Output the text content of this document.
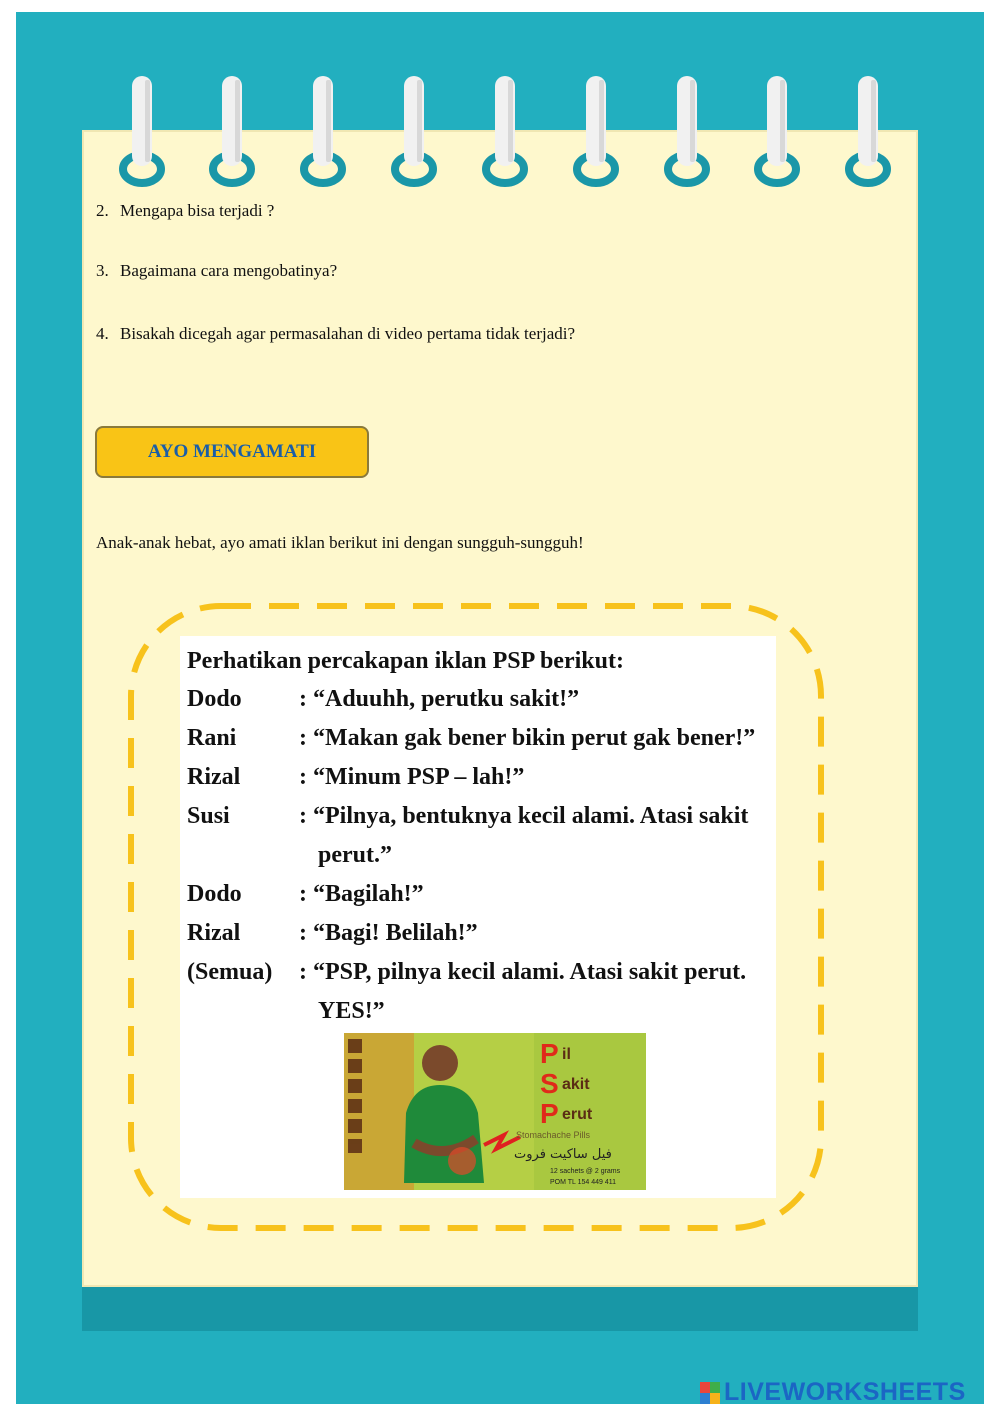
2. Mengapa bisa terjadi ?
3. Bagaimana cara mengobatinya?
4. Bisakah dicegah agar permasalahan di video pertama tidak terjadi?
AYO MENGAMATI
Anak-anak hebat, ayo amati iklan berikut ini dengan sungguh-sungguh!
Perhatikan percakapan iklan PSP berikut:
Dodo : “Aduuhh, perutku sakit!”
Rani	: “Makan gak bener bikin perut gak bener!”
Rizal : “Minum PSP – lah!”
Susi	: “Pilnya, bentuknya kecil alami. Atasi sakit
perut.”
Dodo : “Bagilah!”
Rizal : “Bagi! Belilah!”
(Semua) : “PSP, pilnya kecil alami. Atasi sakit perut.
YES!”
P il
S akit
P erut
Stomachache Pills
فيل ساكيت فروت
12 sachets @ 2 grams
POM TL 154 449 411
LIVEWORKSHEETS
